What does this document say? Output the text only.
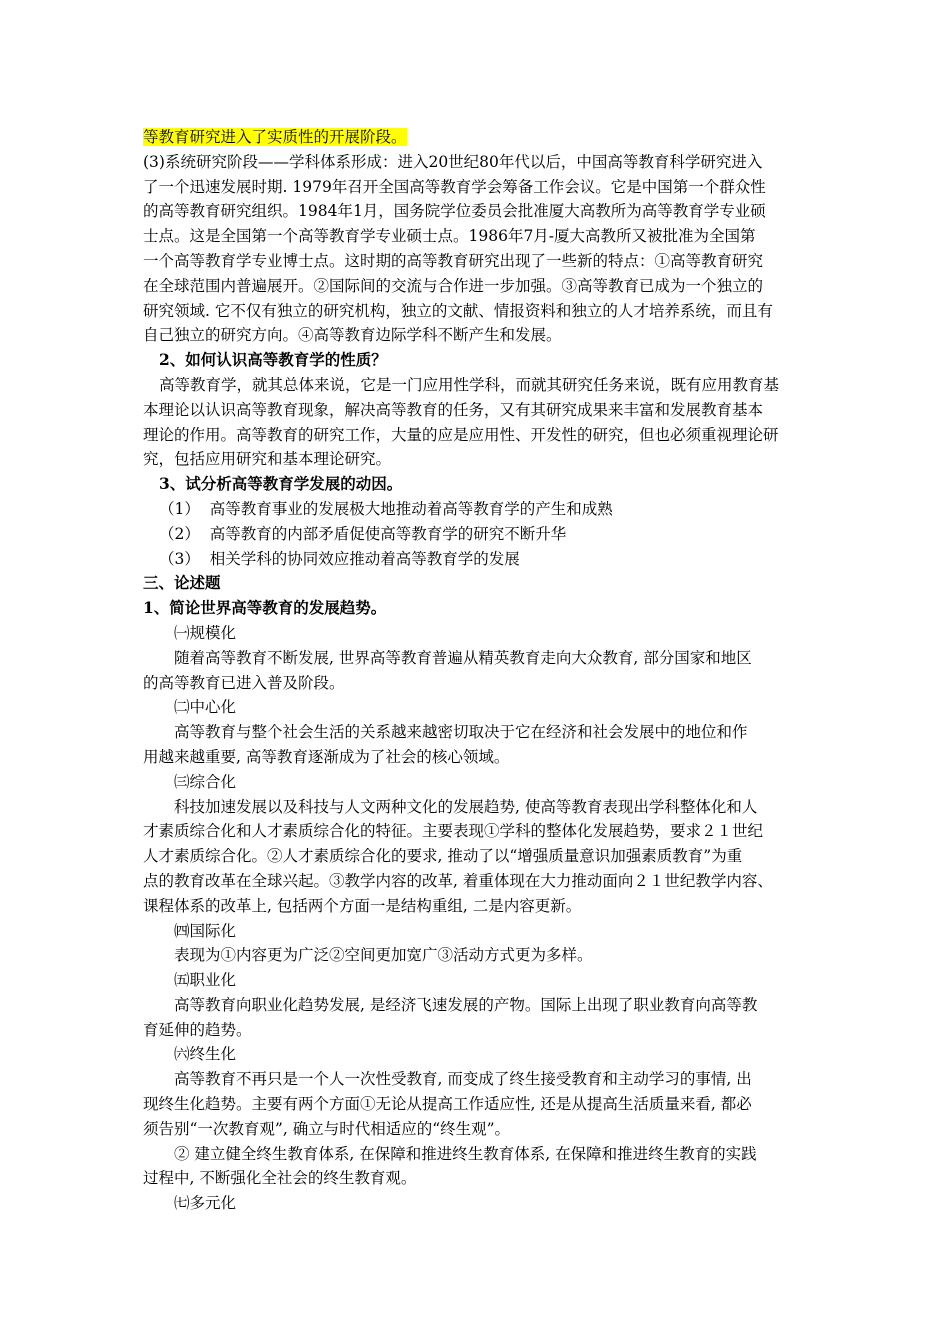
等教育研究进入了实质性的开展阶段。
(3)系统研究阶段——学科体系形成：进入20世纪80年代以后，中国高等教育科学研究进入
了一个迅速发展时期. 1979年召开全国高等教育学会筹备工作会议。它是中国第一个群众性
的高等教育研究组织。1984年1月，国务院学位委员会批准厦大高教所为高等教育学专业硕
士点。这是全国第一个高等教育学专业硕士点。1986年7月-厦大高教所又被批准为全国第
一个高等教育学专业博士点。这时期的高等教育研究出现了一些新的特点：①高等教育研究
在全球范围内普遍展开。②国际间的交流与合作进一步加强。③高等教育已成为一个独立的
研究领域. 它不仅有独立的研究机构，独立的文献、情报资料和独立的人才培养系统，而且有
自己独立的研究方向。④高等教育边际学科不断产生和发展。
2、如何认识高等教育学的性质？
高等教育学，就其总体来说，它是一门应用性学科，而就其研究任务来说，既有应用教育基
本理论以认识高等教育现象，解决高等教育的任务，又有其研究成果来丰富和发展教育基本
理论的作用。高等教育的研究工作，大量的应是应用性、开发性的研究，但也必须重视理论研
究，包括应用研究和基本理论研究。
3、试分析高等教育学发展的动因。
（1）  高等教育事业的发展极大地推动着高等教育学的产生和成熟
（2）  高等教育的内部矛盾促使高等教育学的研究不断升华
（3）  相关学科的协同效应推动着高等教育学的发展
三、论述题
1、简论世界高等教育的发展趋势。
㈠规模化
随着高等教育不断发展, 世界高等教育普遍从精英教育走向大众教育, 部分国家和地区
的高等教育已进入普及阶段。
㈡中心化
高等教育与整个社会生活的关系越来越密切取决于它在经济和社会发展中的地位和作
用越来越重要, 高等教育逐渐成为了社会的核心领域。
㈢综合化
科技加速发展以及科技与人文两种文化的发展趋势, 使高等教育表现出学科整体化和人
才素质综合化和人才素质综合化的特征。主要表现①学科的整体化发展趋势，要求２１世纪
人才素质综合化。②人才素质综合化的要求, 推动了以“增强质量意识加强素质教育”为重
点的教育改革在全球兴起。③教学内容的改革, 着重体现在大力推动面向２１世纪教学内容、
课程体系的改革上, 包括两个方面一是结构重组, 二是内容更新。
㈣国际化
表现为①内容更为广泛②空间更加宽广③活动方式更为多样。
㈤职业化
高等教育向职业化趋势发展, 是经济飞速发展的产物。国际上出现了职业教育向高等教
育延伸的趋势。
㈥终生化
高等教育不再只是一个人一次性受教育, 而变成了终生接受教育和主动学习的事情, 出
现终生化趋势。主要有两个方面①无论从提高工作适应性, 还是从提高生活质量来看, 都必
须告别“一次教育观”, 确立与时代相适应的“终生观”。
② 建立健全终生教育体系, 在保障和推进终生教育体系, 在保障和推进终生教育的实践
过程中, 不断强化全社会的终生教育观。
㈦多元化
